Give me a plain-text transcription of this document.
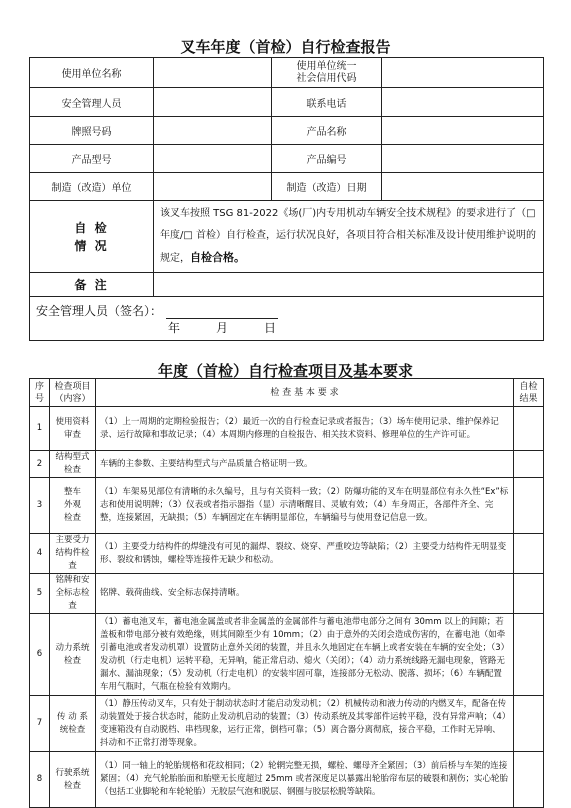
叉车年度（首检）自行检查报告
使用单位名称		使用单位统一
社会信用代码	
安全管理人员		联系电话	
牌照号码		产品名称	
产品型号		产品编号	
制造（改造）单位		制造（改造）日期	
自 检
情 况	该叉车按照 TSG 81-2022《场(厂)内专用机动车辆安全技术规程》的要求进行了（□ 年度/□ 首检）自行检查，运行状况良好，各项目符合相关标准及设计使用维护说明的规定，自检合格。		
备 注			
安全管理人员（签名）：年 月 日			
年度（首检）自行检查项目及基本要求
序
号	检查项目
（内容）	检 查 基 本 要 求	自检
结果
1	使用资料
审查	（1）上一周期的定期检验报告；（2）最近一次的自行检查记录或者报告；（3）场车使用记录、维护保养记录、运行故障和事故记录；（4）本周期内修理的自检报告、相关技术资料、修理单位的生产许可证。	
2	结构型式
检查	车辆的主参数、主要结构型式与产品质量合格证明一致。	
3	整车
外观
检查	（1）车架易见部位有清晰的永久编号，且与有关资料一致；（2）防爆功能的叉车在明显部位有永久性“Ex”标志和使用说明牌；（3）仪表或者指示器指（显）示清晰醒目、灵敏有效；（4）车身周正，各部件齐全、完整，连接紧固，无缺损；（5）车辆固定在车辆明显部位，车辆编号与使用登记信息一致。	
4	主要受力
结构件检
查	（1）主要受力结构件的焊缝没有可见的漏焊、裂纹、烧穿、严重咬边等缺陷；（2）主要受力结构件无明显变形、裂纹和锈蚀，螺栓等连接件无缺少和松动。	
5	铭牌和安
全标志检
查	铭牌、载荷曲线、安全标志保持清晰。	
6	动力系统
检查	（1）蓄电池叉车，蓄电池金属盖或者非金属盖的金属部件与蓄电池带电部分之间有 30mm 以上的间隙；若盖板和带电部分被有效绝缘，则其间隙至少有 10mm；（2）由于意外的关闭会造成伤害的，在蓄电池（如牵引蓄电池或者发动机罩）设置防止意外关闭的装置，并且永久地固定在车辆上或者安装在车辆的安全处；（3）发动机（行走电机）运转平稳，无异响，能正常启动、熄火（关闭）；（4）动力系统线路无漏电现象，管路无漏水、漏油现象；（5）发动机（行走电机）的安装牢固可靠，连接部分无松动、脱落、损坏；（6）车辆配置车用气瓶时，气瓶在检验有效期内。	
7	传 动 系
统检查	（1）静压传动叉车，只有处于制动状态时才能启动发动机；（2）机械传动和液力传动的内燃叉车，配备在传动装置处于接合状态时，能防止发动机启动的装置；（3）传动系统及其零部件运转平稳，没有异常声响；（4）变速箱没有自动脱档、串档现象，运行正常，倒档可靠；（5）离合器分离彻底，接合平稳，工作时无异响、抖动和不正常打滑等现象。	
8	行驶系统
检查	（1）同一轴上的轮胎规格和花纹相同；（2）轮辋完整无损，螺栓、螺母齐全紧固；（3）前后桥与车架的连接紧固；（4）充气轮胎胎面和胎壁无长度超过 25mm 或者深度足以暴露出轮胎帘布层的破裂和割伤；实心轮胎（包括工业脚轮和车轮轮胎）无胶层气泡和脱层、钢圈与胶层松脱等缺陷。	
